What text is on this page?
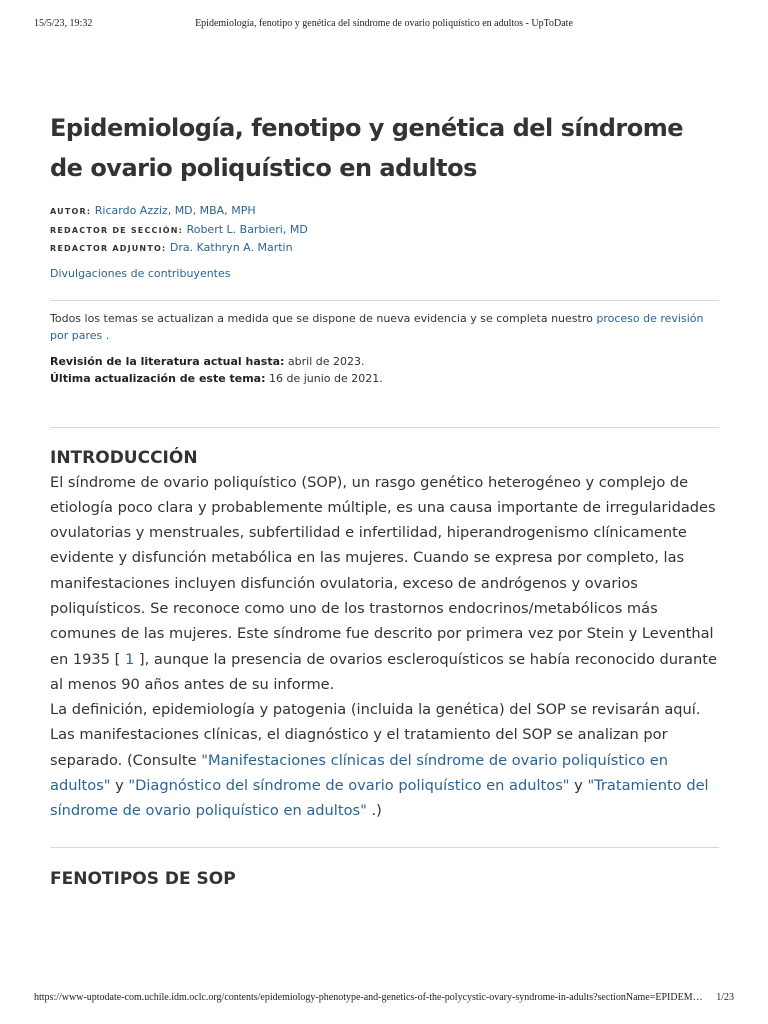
15/5/23, 19:32	Epidemiología, fenotipo y genética del síndrome de ovario poliquístico en adultos - UpToDate
Epidemiología, fenotipo y genética del síndrome de ovario poliquístico en adultos
AUTOR: Ricardo Azziz, MD, MBA, MPH
REDACTOR DE SECCIÓN: Robert L. Barbieri, MD
REDACTOR ADJUNTO: Dra. Kathryn A. Martin
Divulgaciones de contribuyentes
Todos los temas se actualizan a medida que se dispone de nueva evidencia y se completa nuestro proceso de revisión por pares .
Revisión de la literatura actual hasta: abril de 2023.
Última actualización de este tema: 16 de junio de 2021.
INTRODUCCIÓN

El síndrome de ovario poliquístico (SOP), un rasgo genético heterogéneo y complejo de etiología poco clara y probablemente múltiple, es una causa importante de irregularidades ovulatorias y menstruales, subfertilidad e infertilidad, hiperandrogenismo clínicamente evidente y disfunción metabólica en las mujeres. Cuando se expresa por completo, las manifestaciones incluyen disfunción ovulatoria, exceso de andrógenos y ovarios poliquísticos. Se reconoce como uno de los trastornos endocrinos/metabólicos más comunes de las mujeres. Este síndrome fue descrito por primera vez por Stein y Leventhal en 1935 [ 1 ], aunque la presencia de ovarios escleroquísticos se había reconocido durante al menos 90 años antes de su informe.

La definición, epidemiología y patogenia (incluida la genética) del SOP se revisarán aquí. Las manifestaciones clínicas, el diagnóstico y el tratamiento del SOP se analizan por separado. (Consulte "Manifestaciones clínicas del síndrome de ovario poliquístico en adultos" y "Diagnóstico del síndrome de ovario poliquístico en adultos" y "Tratamiento del síndrome de ovario poliquístico en adultos" .)

FENOTIPOS DE SOP
https://www-uptodate-com.uchile.idm.oclc.org/contents/epidemiology-phenotype-and-genetics-of-the-polycystic-ovary-syndrome-in-adults?sectionName=EPIDEM…	1/23
